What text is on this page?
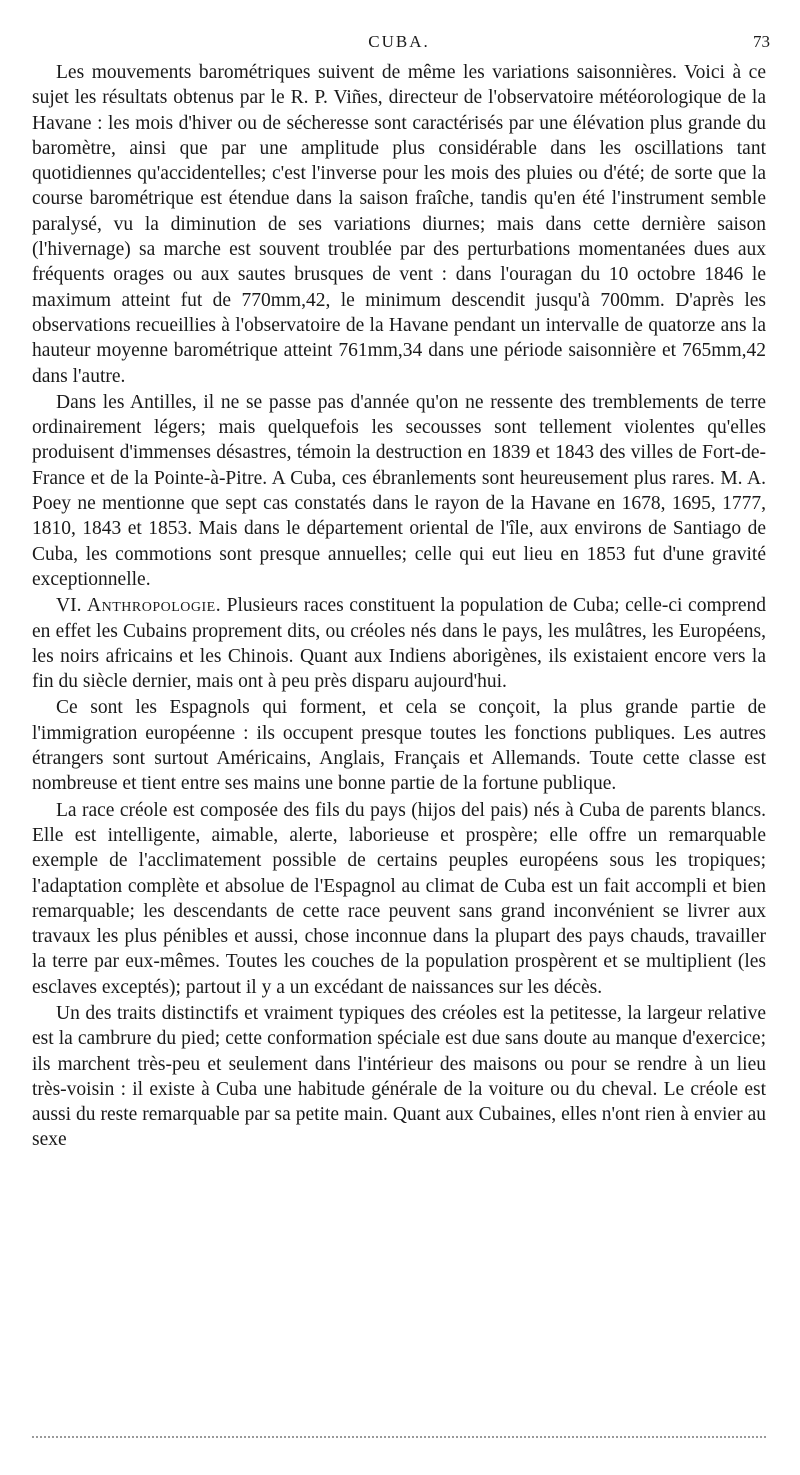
CUBA.	73

Les mouvements barométriques suivent de même les variations saisonnières. Voici à ce sujet les résultats obtenus par le R. P. Viñes, directeur de l'observatoire météorologique de la Havane : les mois d'hiver ou de sécheresse sont caractérisés par une élévation plus grande du baromètre, ainsi que par une amplitude plus considérable dans les oscillations tant quotidiennes qu'accidentelles; c'est l'inverse pour les mois des pluies ou d'été; de sorte que la course barométrique est étendue dans la saison fraîche, tandis qu'en été l'instrument semble paralysé, vu la diminution de ses variations diurnes; mais dans cette dernière saison (l'hivernage) sa marche est souvent troublée par des perturbations momentanées dues aux fréquents orages ou aux sautes brusques de vent : dans l'ouragan du 10 octobre 1846 le maximum atteint fut de 770mm,42, le minimum descendit jusqu'à 700mm. D'après les observations recueillies à l'observatoire de la Havane pendant un intervalle de quatorze ans la hauteur moyenne barométrique atteint 761mm,34 dans une période saisonnière et 765mm,42 dans l'autre.

Dans les Antilles, il ne se passe pas d'année qu'on ne ressente des tremblements de terre ordinairement légers; mais quelquefois les secousses sont tellement violentes qu'elles produisent d'immenses désastres, témoin la destruction en 1839 et 1843 des villes de Fort-de-France et de la Pointe-à-Pitre. A Cuba, ces ébranlements sont heureusement plus rares. M. A. Poey ne mentionne que sept cas constatés dans le rayon de la Havane en 1678, 1695, 1777, 1810, 1843 et 1853. Mais dans le département oriental de l'île, aux environs de Santiago de Cuba, les commotions sont presque annuelles; celle qui eut lieu en 1853 fut d'une gravité exceptionnelle.

VI. Anthropologie. Plusieurs races constituent la population de Cuba; celle-ci comprend en effet les Cubains proprement dits, ou créoles nés dans le pays, les mulâtres, les Européens, les noirs africains et les Chinois. Quant aux Indiens aborigènes, ils existaient encore vers la fin du siècle dernier, mais ont à peu près disparu aujourd'hui.

Ce sont les Espagnols qui forment, et cela se conçoit, la plus grande partie de l'immigration européenne : ils occupent presque toutes les fonctions publiques. Les autres étrangers sont surtout Américains, Anglais, Français et Allemands. Toute cette classe est nombreuse et tient entre ses mains une bonne partie de la fortune publique.

La race créole est composée des fils du pays (hijos del pais) nés à Cuba de parents blancs. Elle est intelligente, aimable, alerte, laborieuse et prospère; elle offre un remarquable exemple de l'acclimatement possible de certains peuples européens sous les tropiques; l'adaptation complète et absolue de l'Espagnol au climat de Cuba est un fait accompli et bien remarquable; les descendants de cette race peuvent sans grand inconvénient se livrer aux travaux les plus pénibles et aussi, chose inconnue dans la plupart des pays chauds, travailler la terre par eux-mêmes. Toutes les couches de la population prospèrent et se multiplient (les esclaves exceptés); partout il y a un excédant de naissances sur les décès.

Un des traits distinctifs et vraiment typiques des créoles est la petitesse, la largeur relative est la cambrure du pied; cette conformation spéciale est due sans doute au manque d'exercice; ils marchent très-peu et seulement dans l'intérieur des maisons ou pour se rendre à un lieu très-voisin : il existe à Cuba une habitude générale de la voiture ou du cheval. Le créole est aussi du reste remarquable par sa petite main. Quant aux Cubaines, elles n'ont rien à envier au sexe
